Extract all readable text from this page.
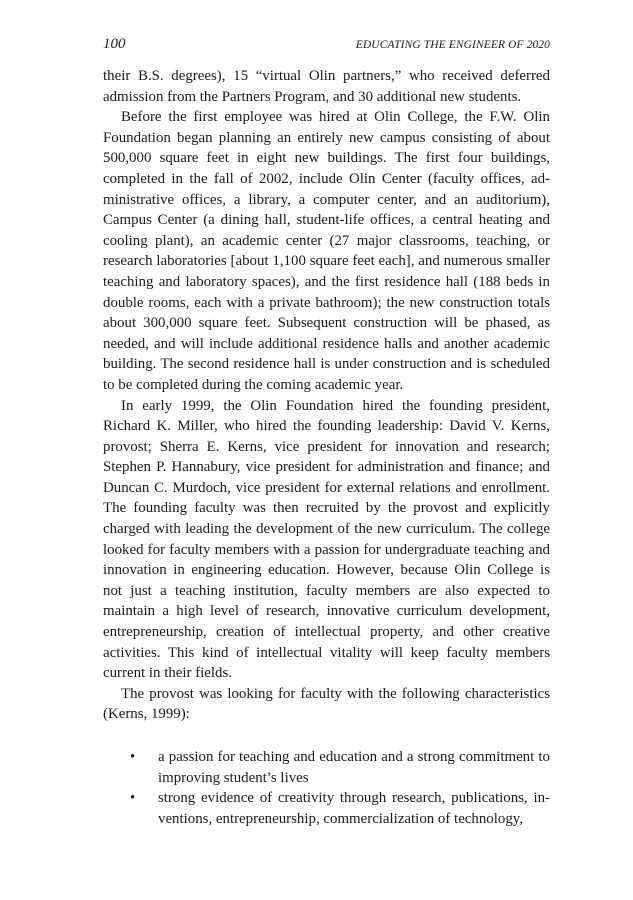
100	EDUCATING THE ENGINEER OF 2020

their B.S. degrees), 15 “virtual Olin partners,” who received deferred admission from the Partners Program, and 30 additional new students.

Before the first employee was hired at Olin College, the F.W. Olin Foundation began planning an entirely new campus consisting of about 500,000 square feet in eight new buildings. The first four buildings, completed in the fall of 2002, include Olin Center (faculty offices, administrative offices, a library, a computer center, and an auditorium), Campus Center (a dining hall, student-life offices, a central heating and cooling plant), an academic center (27 major classrooms, teaching, or research laboratories [about 1,100 square feet each], and numerous smaller teaching and laboratory spaces), and the first residence hall (188 beds in double rooms, each with a private bathroom); the new construction totals about 300,000 square feet. Subsequent construction will be phased, as needed, and will include additional residence halls and another academic building. The second residence hall is under construction and is scheduled to be completed during the coming academic year.

In early 1999, the Olin Foundation hired the founding president, Richard K. Miller, who hired the founding leadership: David V. Kerns, provost; Sherra E. Kerns, vice president for innovation and research; Stephen P. Hannabury, vice president for administration and finance; and Duncan C. Murdoch, vice president for external relations and enrollment. The founding faculty was then recruited by the provost and explicitly charged with leading the development of the new curriculum. The college looked for faculty members with a passion for undergraduate teaching and innovation in engineering education. However, because Olin College is not just a teaching institution, faculty members are also expected to maintain a high level of research, innovative curriculum development, entrepreneurship, creation of intellectual property, and other creative activities. This kind of intellectual vitality will keep faculty members current in their fields.

The provost was looking for faculty with the following characteristics (Kerns, 1999):

• a passion for teaching and education and a strong commitment to improving student’s lives
• strong evidence of creativity through research, publications, inventions, entrepreneurship, commercialization of technology,
